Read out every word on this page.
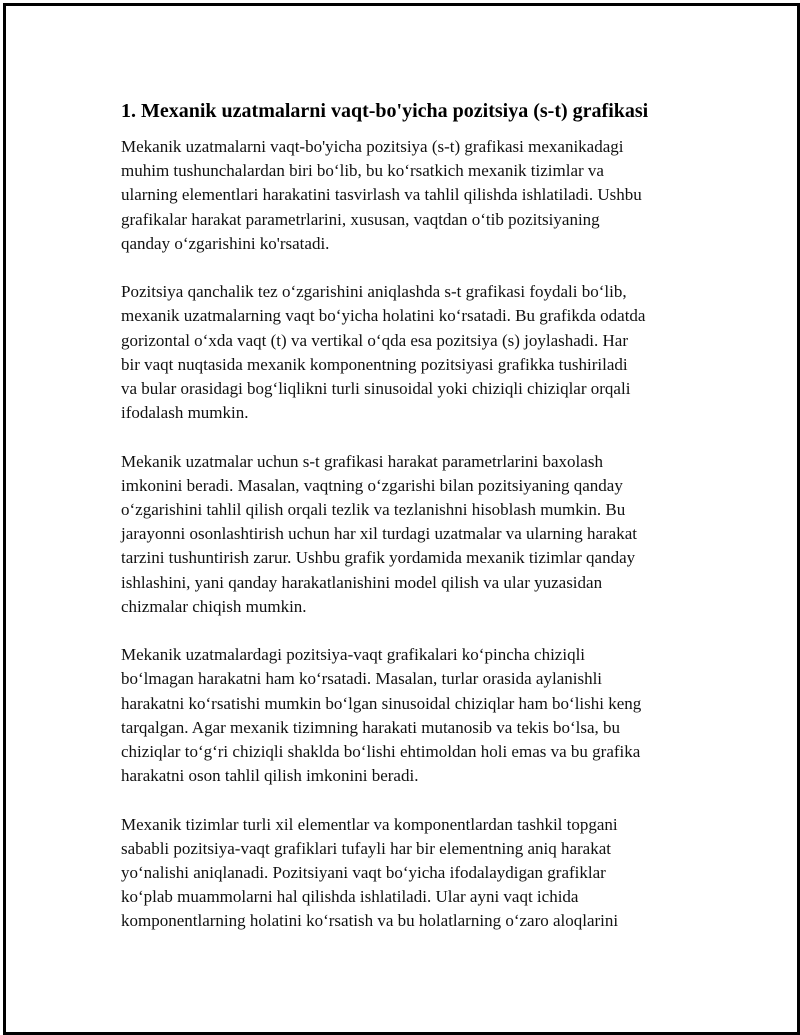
1. Mexanik uzatmalarni vaqt-bo'yicha pozitsiya (s-t) grafikasi

Mekanik uzatmalarni vaqt-bo'yicha pozitsiya (s-t) grafikasi mexanikadagi
muhim tushunchalardan biri bo‘lib, bu ko‘rsatkich mexanik tizimlar va
ularning elementlari harakatini tasvirlash va tahlil qilishda ishlatiladi. Ushbu
grafikalar harakat parametrlarini, xususan, vaqtdan o‘tib pozitsiyaning
qanday o‘zgarishini ko'rsatadi.

Pozitsiya qanchalik tez o‘zgarishini aniqlashda s-t grafikasi foydali bo‘lib,
mexanik uzatmalarning vaqt bo‘yicha holatini ko‘rsatadi. Bu grafikda odatda
gorizontal o‘xda vaqt (t) va vertikal o‘qda esa pozitsiya (s) joylashadi. Har
bir vaqt nuqtasida mexanik komponentning pozitsiyasi grafikka tushiriladi
va bular orasidagi bog‘liqlikni turli sinusoidal yoki chiziqli chiziqlar orqali
ifodalash mumkin.

Mekanik uzatmalar uchun s-t grafikasi harakat parametrlarini baxolash
imkonini beradi. Masalan, vaqtning o‘zgarishi bilan pozitsiyaning qanday
o‘zgarishini tahlil qilish orqali tezlik va tezlanishni hisoblash mumkin. Bu
jarayonni osonlashtirish uchun har xil turdagi uzatmalar va ularning harakat
tarzini tushuntirish zarur. Ushbu grafik yordamida mexanik tizimlar qanday
ishlashini, yani qanday harakatlanishini model qilish va ular yuzasidan
chizmalar chiqish mumkin.

Mekanik uzatmalardagi pozitsiya-vaqt grafikalari ko‘pincha chiziqli
bo‘lmagan harakatni ham ko‘rsatadi. Masalan, turlar orasida aylanishli
harakatni ko‘rsatishi mumkin bo‘lgan sinusoidal chiziqlar ham bo‘lishi keng
tarqalgan. Agar mexanik tizimning harakati mutanosib va tekis bo‘lsa, bu
chiziqlar to‘g‘ri chiziqli shaklda bo‘lishi ehtimoldan holi emas va bu grafika
harakatni oson tahlil qilish imkonini beradi.

Mexanik tizimlar turli xil elementlar va komponentlardan tashkil topgani
sababli pozitsiya-vaqt grafiklari tufayli har bir elementning aniq harakat
yo‘nalishi aniqlanadi. Pozitsiyani vaqt bo‘yicha ifodalaydigan grafiklar
ko‘plab muammolarni hal qilishda ishlatiladi. Ular ayni vaqt ichida
komponentlarning holatini ko‘rsatish va bu holatlarning o‘zaro aloqlarini
